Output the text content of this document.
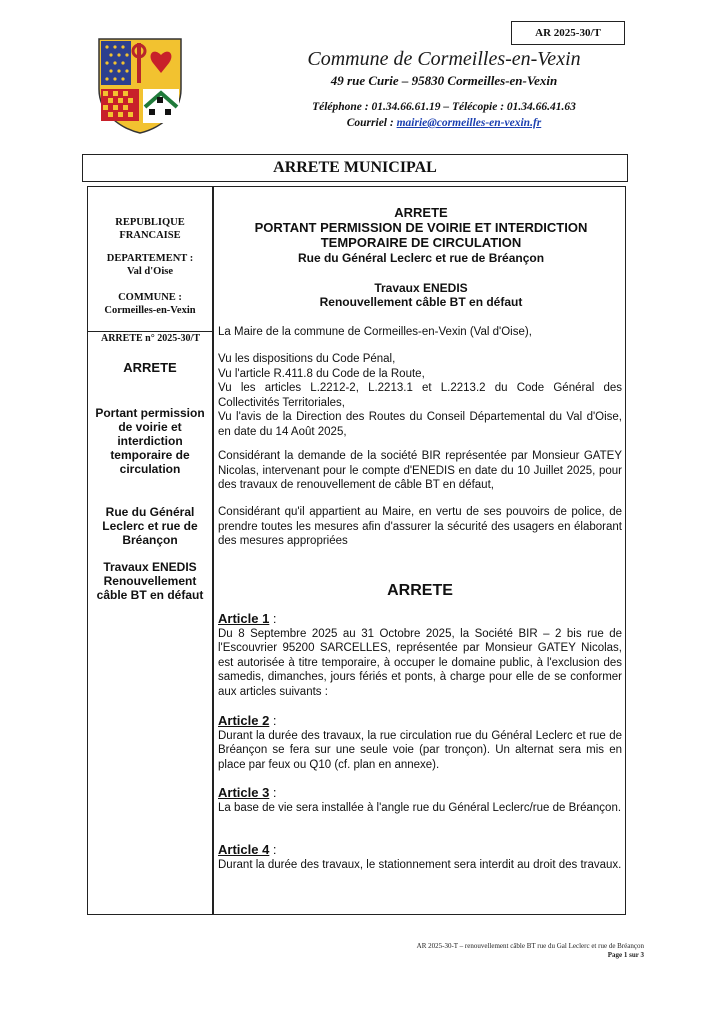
AR 2025-30/T
Commune de Cormeilles-en-Vexin
49 rue Curie – 95830 Cormeilles-en-Vexin
Téléphone : 01.34.66.61.19 – Télécopie : 01.34.66.41.63
Courriel : mairie@cormeilles-en-vexin.fr
ARRETE MUNICIPAL
REPUBLIQUE FRANCAISE
DEPARTEMENT :
Val d'Oise
COMMUNE :
Cormeilles-en-Vexin
ARRETE n° 2025-30/T
ARRETE
Portant permission de voirie et interdiction temporaire de circulation
Rue du Général Leclerc et rue de Bréançon
Travaux ENEDIS Renouvellement câble BT en défaut
ARRETE
PORTANT PERMISSION DE VOIRIE ET INTERDICTION TEMPORAIRE DE CIRCULATION
Rue du Général Leclerc et rue de Bréançon
Travaux ENEDIS
Renouvellement câble BT en défaut
La Maire de la commune de Cormeilles-en-Vexin (Val d'Oise),
Vu les dispositions du Code Pénal,
Vu l'article R.411.8 du Code de la Route,
Vu les articles L.2212-2, L.2213.1 et L.2213.2 du Code Général des Collectivités Territoriales,
Vu l'avis de la Direction des Routes du Conseil Départemental du Val d'Oise, en date du 14 Août 2025,
Considérant la demande de la société BIR représentée par Monsieur GATEY Nicolas, intervenant pour le compte d'ENEDIS en date du 10 Juillet 2025, pour des travaux de renouvellement de câble BT en défaut,
Considérant qu'il appartient au Maire, en vertu de ses pouvoirs de police, de prendre toutes les mesures afin d'assurer la sécurité des usagers en élaborant des mesures appropriées
ARRETE
Article 1 :
Du 8 Septembre 2025 au 31 Octobre 2025, la Société BIR – 2 bis rue de l'Escouvrier 95200 SARCELLES, représentée par Monsieur GATEY Nicolas, est autorisée à titre temporaire, à occuper le domaine public, à l'exclusion des samedis, dimanches, jours fériés et ponts, à charge pour elle de se conformer aux articles suivants :
Article 2 :
Durant la durée des travaux, la rue circulation rue du Général Leclerc et rue de Bréançon se fera sur une seule voie (par tronçon). Un alternat sera mis en place par feux ou Q10 (cf. plan en annexe).
Article 3 :
La base de vie sera installée à l'angle rue du Général Leclerc/rue de Bréançon.
Article 4 :
Durant la durée des travaux, le stationnement sera interdit au droit des travaux.
AR 2025-30-T – renouvellement câble BT rue du Gal Leclerc et rue de Bréançon
Page 1 sur 3
